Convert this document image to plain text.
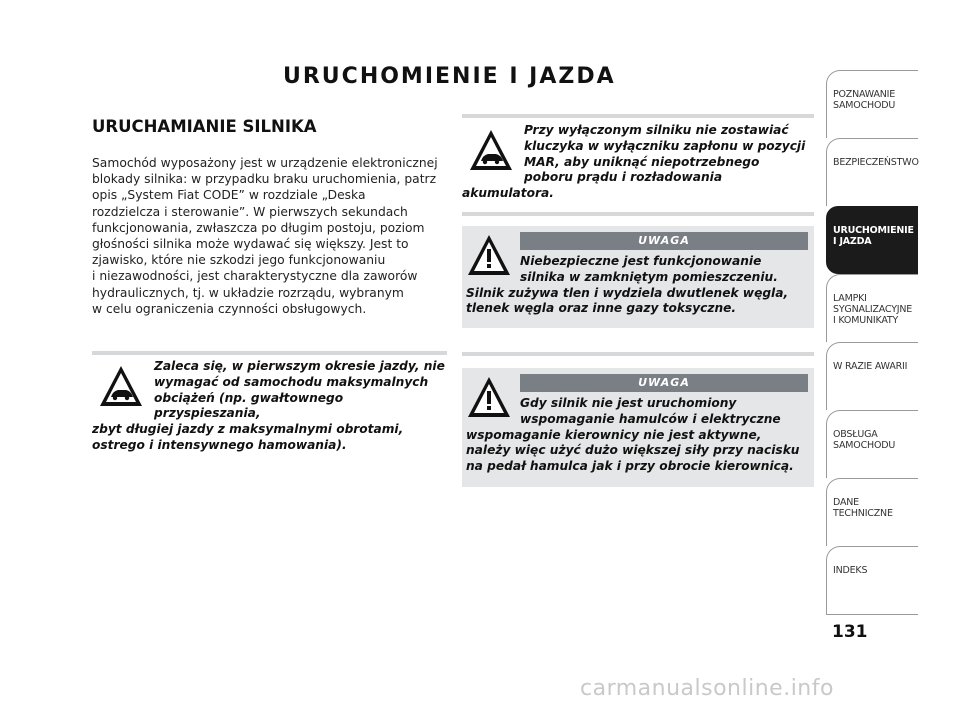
URUCHOMIENIE I JAZDA
URUCHAMIANIE SILNIKA
Samochód wyposażony jest w urządzenie elektronicznej
blokady silnika: w przypadku braku uruchomienia, patrz
opis „System Fiat CODE” w rozdziale „Deska
rozdzielcza i sterowanie”. W pierwszych sekundach
funkcjonowania, zwłaszcza po długim postoju, poziom
głośności silnika może wydawać się większy. Jest to
zjawisko, które nie szkodzi jego funkcjonowaniu
i niezawodności, jest charakterystyczne dla zaworów
hydraulicznych, tj. w układzie rozrządu, wybranym
w celu ograniczenia czynności obsługowych.
Zaleca się, w pierwszym okresie jazdy, nie
wymagać od samochodu maksymalnych
obciążeń (np. gwałtownego przyspieszania,
zbyt długiej jazdy z maksymalnymi obrotami,
ostrego i intensywnego hamowania).
Przy wyłączonym silniku nie zostawiać
kluczyka w wyłączniku zapłonu w pozycji
MAR, aby uniknąć niepotrzebnego
poboru prądu i rozładowania akumulatora.
UWAGA
Niebezpieczne jest funkcjonowanie
silnika w zamkniętym pomieszczeniu.
Silnik zużywa tlen i wydziela dwutlenek węgla,
tlenek węgla oraz inne gazy toksyczne.
UWAGA
Gdy silnik nie jest uruchomiony
wspomaganie hamulców i elektryczne
wspomaganie kierownicy nie jest aktywne,
należy więc użyć dużo większej siły przy nacisku
na pedał hamulca jak i przy obrocie kierownicą.
POZNAWANIE
SAMOCHODU
BEZPIECZEŃSTWO
URUCHOMIENIE
I JAZDA
LAMPKI
SYGNALIZACYJNE
I KOMUNIKATY
W RAZIE AWARII
OBSŁUGA
SAMOCHODU
DANE
TECHNICZNE
INDEKS
131
carmanualsonline.info
